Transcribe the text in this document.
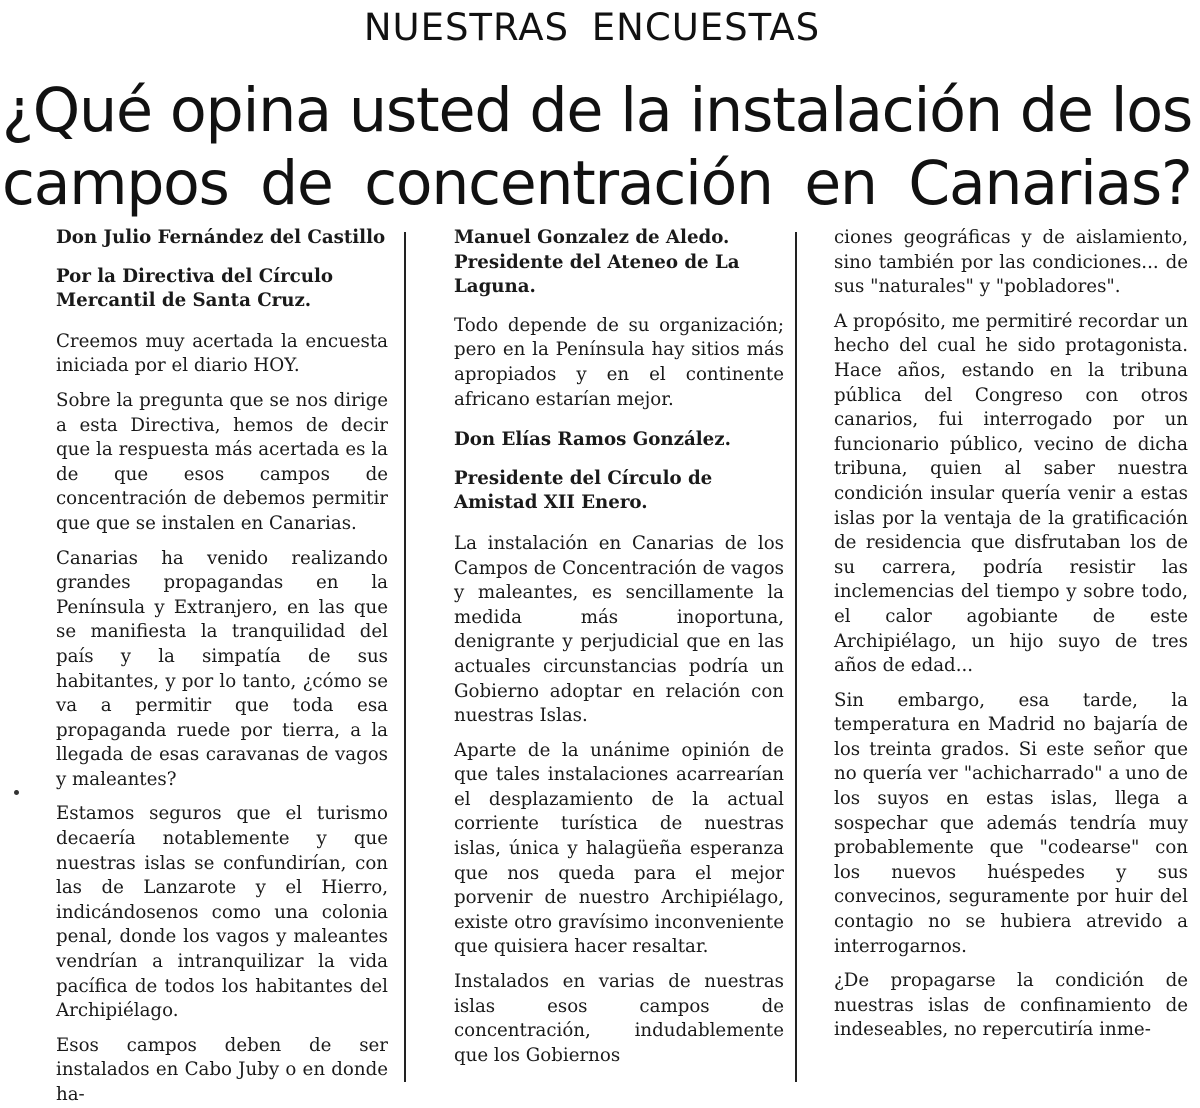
NUESTRAS ENCUESTAS
¿Qué opina usted de la instalación de los
campos de concentración en Canarias?

Don Julio Fernández del Castillo

Por la Directiva del Círculo Mercantil de Santa Cruz.

Creemos muy acertada la encuesta iniciada por el diario HOY.

Sobre la pregunta que se nos dirige a esta Directiva, hemos de decir que la respuesta más acertada es la de que esos campos de concentración de debemos permitir que que se instalen en Canarias.

Canarias ha venido realizando grandes propagandas en la Península y Extranjero, en las que se manifiesta la tranquilidad del país y la simpatía de sus habitantes, y por lo tanto, ¿cómo se va a permitir que toda esa propaganda ruede por tierra, a la llegada de esas caravanas de vagos y maleantes?

Estamos seguros que el turismo decaería notablemente y que nuestras islas se confundirían, con las de Lanzarote y el Hierro, indicándosenos como una colonia penal, donde los vagos y maleantes vendrían a intranquilizar la vida pacífica de todos los habitantes del Archipiélago.

Esos campos deben de ser instalados en Cabo Juby o en donde ha-

Manuel Gonzalez de Aledo. Presidente del Ateneo de La Laguna.

Todo depende de su organización; pero en la Península hay sitios más apropiados y en el continente africano estarían mejor.

Don Elías Ramos González.

Presidente del Círculo de Amistad XII Enero.

La instalación en Canarias de los Campos de Concentración de vagos y maleantes, es sencillamente la medida más inoportuna, denigrante y perjudicial que en las actuales circunstancias podría un Gobierno adoptar en relación con nuestras Islas.

Aparte de la unánime opinión de que tales instalaciones acarrearían el desplazamiento de la actual corriente turística de nuestras islas, única y halagüeña esperanza que nos queda para el mejor porvenir de nuestro Archipiélago, existe otro gravísimo inconveniente que quisiera hacer resaltar.

Instalados en varias de nuestras islas esos campos de concentración, indudablemente que los Gobiernos

ciones geográficas y de aislamiento, sino también por las condiciones... de sus "naturales" y "pobladores".

A propósito, me permitiré recordar un hecho del cual he sido protagonista. Hace años, estando en la tribuna pública del Congreso con otros canarios, fui interrogado por un funcionario público, vecino de dicha tribuna, quien al saber nuestra condición insular quería venir a estas islas por la ventaja de la gratificación de residencia que disfrutaban los de su carrera, podría resistir las inclemencias del tiempo y sobre todo, el calor agobiante de este Archipiélago, un hijo suyo de tres años de edad...

Sin embargo, esa tarde, la temperatura en Madrid no bajaría de los treinta grados. Si este señor que no quería ver "achicharrado" a uno de los suyos en estas islas, llega a sospechar que además tendría muy probablemente que "codearse" con los nuevos huéspedes y sus convecinos, seguramente por huir del contagio no se hubiera atrevido a interrogarnos.

¿De propagarse la condición de nuestras islas de confinamiento de indeseables, no repercutiría inme-
